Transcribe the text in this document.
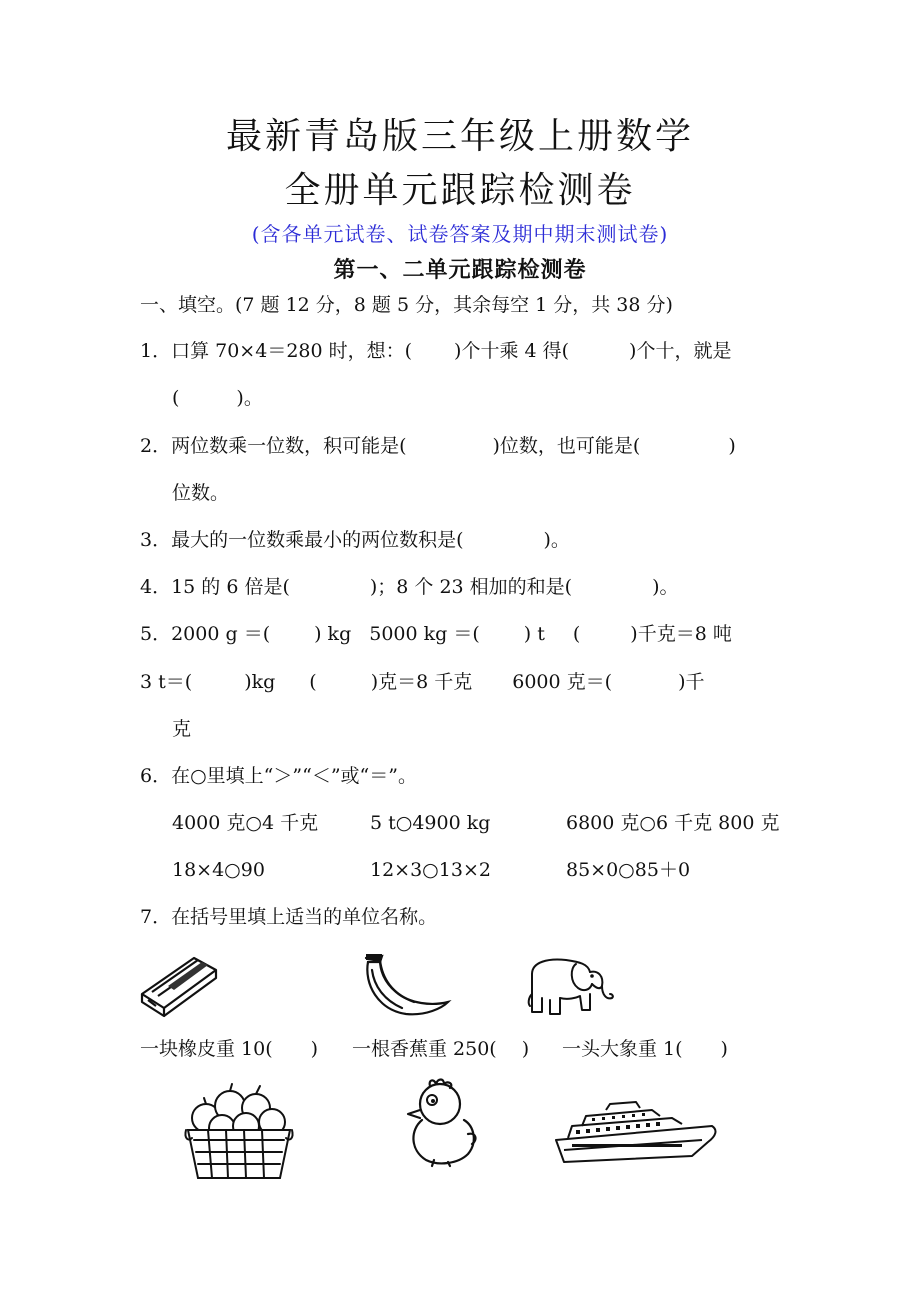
最新青岛版三年级上册数学
全册单元跟踪检测卷
(含各单元试卷、试卷答案及期中期末测试卷)
第一、二单元跟踪检测卷
一、填空。(7 题 12 分，8 题 5 分，其余每空 1 分，共 38 分)
1．口算 70×4＝280 时，想：( )个十乘 4 得(	)个十，就是
(　　　)。
2．两位数乘一位数，积可能是(	)位数，也可能是(	)
位数。
3．最大的一位数乘最小的两位数积是(	)。
4．15 的 6 倍是(	)；8 个 23 相加的和是(	)。
5．2000 g ＝( ) kg 5000 kg ＝( ) t (	)千克＝8 吨
3 t＝(	)kg (	)克＝8 千克 6000 克＝(	)千
克
6．在○里填上“＞”“＜”或“＝”。
4000 克○4 千克	5 t○4900 kg	6800 克○6 千克 800 克
18×4○90	12×3○13×2	85×0○85＋0
7．在括号里填上适当的单位名称。
一块橡皮重 10(　　) 一根香蕉重 250(　 ) 一头大象重 1(　　)
